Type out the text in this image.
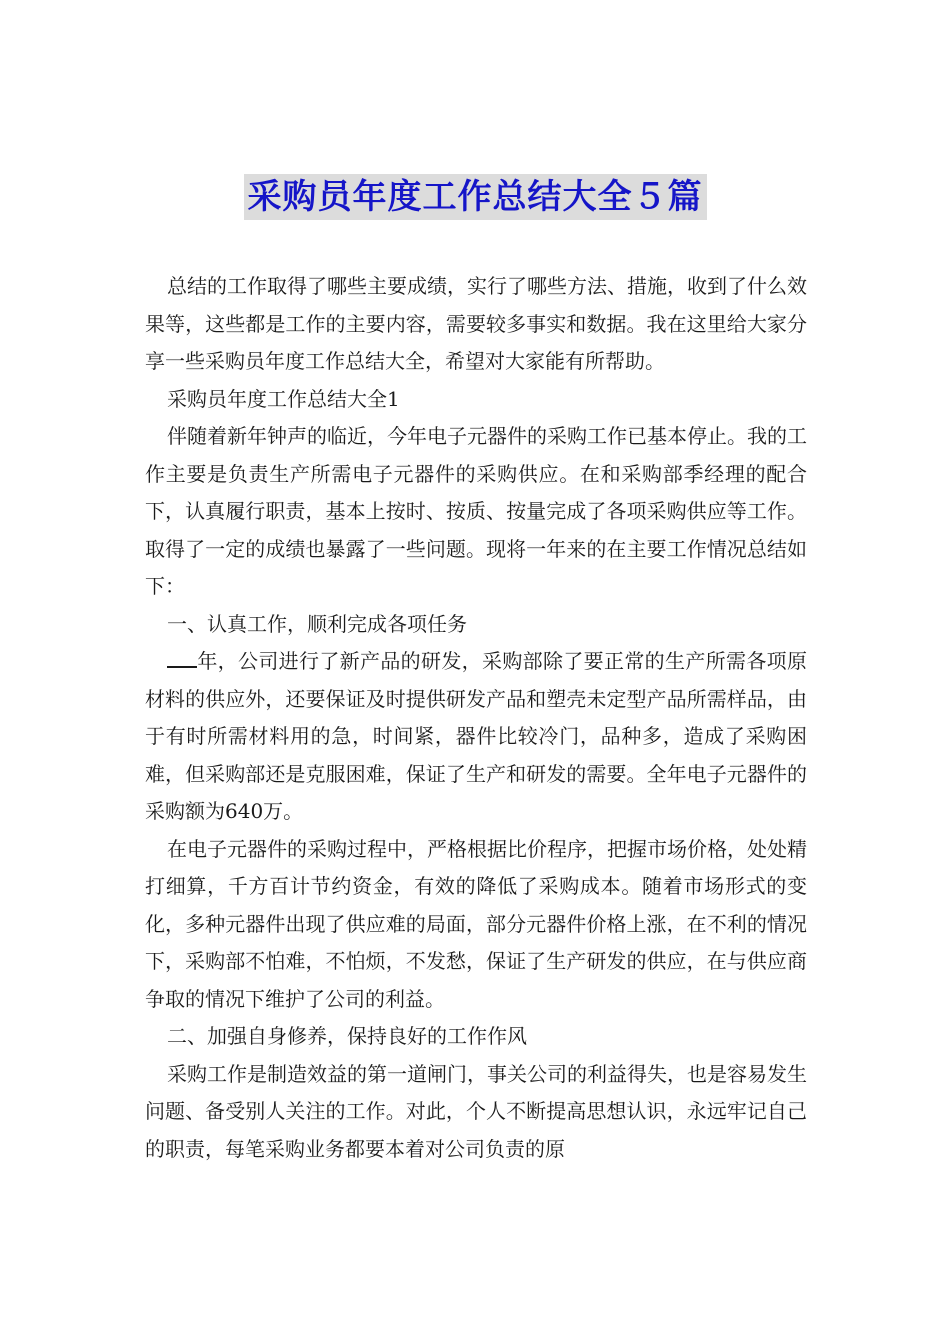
采购员年度工作总结大全５篇

总结的工作取得了哪些主要成绩，实行了哪些方法、措施，收到了什么效果等，这些都是工作的主要内容，需要较多事实和数据。我在这里给大家分享一些采购员年度工作总结大全，希望对大家能有所帮助。

采购员年度工作总结大全1

伴随着新年钟声的临近，今年电子元器件的采购工作已基本停止。我的工作主要是负责生产所需电子元器件的采购供应。在和采购部季经理的配合下，认真履行职责，基本上按时、按质、按量完成了各项采购供应等工作。取得了一定的成绩也暴露了一些问题。现将一年来的在主要工作情况总结如下：

一、认真工作，顺利完成各项任务

年，公司进行了新产品的研发，采购部除了要正常的生产所需各项原材料的供应外，还要保证及时提供研发产品和塑壳未定型产品所需样品，由于有时所需材料用的急，时间紧，器件比较冷门，品种多，造成了采购困难，但采购部还是克服困难，保证了生产和研发的需要。全年电子元器件的采购额为640万。

在电子元器件的采购过程中，严格根据比价程序，把握市场价格，处处精打细算，千方百计节约资金，有效的降低了采购成本。随着市场形式的变化，多种元器件出现了供应难的局面，部分元器件价格上涨，在不利的情况下，采购部不怕难，不怕烦，不发愁，保证了生产研发的供应，在与供应商争取的情况下维护了公司的利益。

二、加强自身修养，保持良好的工作作风

采购工作是制造效益的第一道闸门，事关公司的利益得失，也是容易发生问题、备受别人关注的工作。对此，个人不断提高思想认识，永远牢记自己的职责，每笔采购业务都要本着对公司负责的原
